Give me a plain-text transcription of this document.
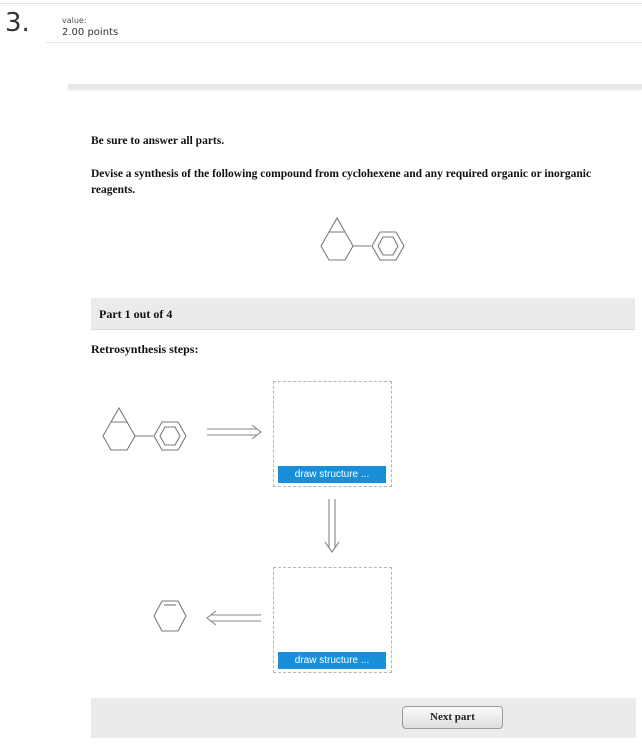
3.	value:
2.00 points
Be sure to answer all parts.
Devise a synthesis of the following compound from cyclohexene and any required organic or inorganic reagents.
Part 1 out of 4
Retrosynthesis steps:
draw structure ...
draw structure ...
Next part
